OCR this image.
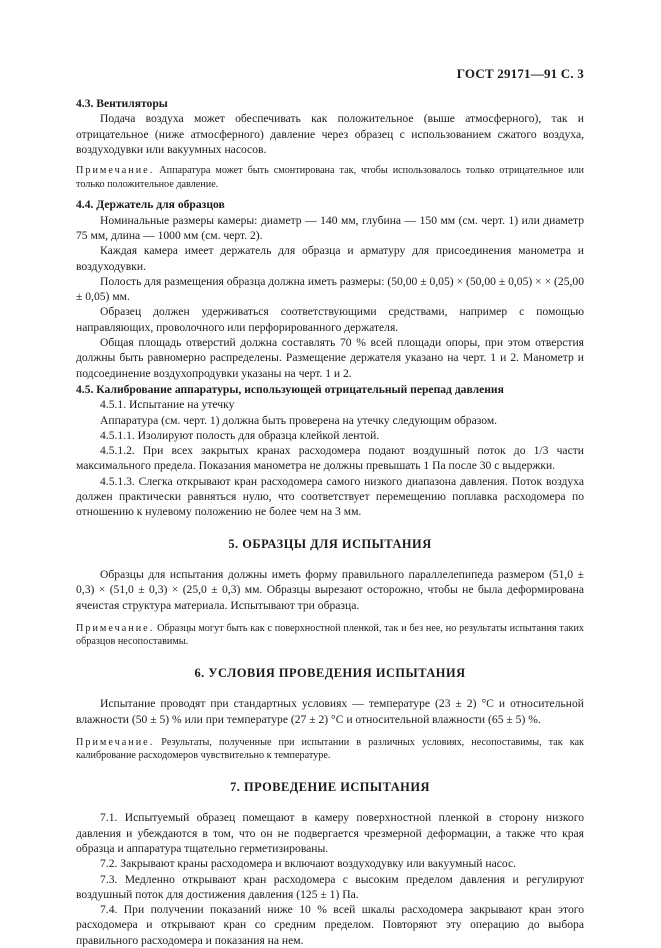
ГОСТ 29171—91 С. 3

4.3. Вентиляторы

Подача воздуха может обеспечивать как положительное (выше атмосферного), так и отрицательное (ниже атмосферного) давление через образец с использованием сжатого воздуха, воздуходувки или вакуумных насосов.

Примечание. Аппаратура может быть смонтирована так, чтобы использовалось только отрицательное или только положительное давление.

4.4. Держатель для образцов

Номинальные размеры камеры: диаметр — 140 мм, глубина — 150 мм (см. черт. 1) или диаметр 75 мм, длина — 1000 мм (см. черт. 2).

Каждая камера имеет держатель для образца и арматуру для присоединения манометра и воздуходувки.

Полость для размещения образца должна иметь размеры: (50,00 ± 0,05) × (50,00 ± 0,05) × × (25,00 ± 0,05) мм.

Образец должен удерживаться соответствующими средствами, например с помощью направляющих, проволочного или перфорированного держателя.

Общая площадь отверстий должна составлять 70 % всей площади опоры, при этом отверстия должны быть равномерно распределены. Размещение держателя указано на черт. 1 и 2. Манометр и подсоединение воздухопродувки указаны на черт. 1 и 2.

4.5. Калибрование аппаратуры, использующей отрицательный перепад давления

4.5.1. Испытание на утечку

Аппаратура (см. черт. 1) должна быть проверена на утечку следующим образом.

4.5.1.1. Изолируют полость для образца клейкой лентой.

4.5.1.2. При всех закрытых кранах расходомера подают воздушный поток до 1/3 части максимального предела. Показания манометра не должны превышать 1 Па после 30 с выдержки.

4.5.1.3. Слегка открывают кран расходомера самого низкого диапазона давления. Поток воздуха должен практически равняться нулю, что соответствует перемещению поплавка расходомера по отношению к нулевому положению не более чем на 3 мм.

5. ОБРАЗЦЫ ДЛЯ ИСПЫТАНИЯ

Образцы для испытания должны иметь форму правильного параллелепипеда размером (51,0 ± 0,3) × (51,0 ± 0,3) × (25,0 ± 0,3) мм. Образцы вырезают осторожно, чтобы не была деформирована ячеистая структура материала. Испытывают три образца.

Примечание. Образцы могут быть как с поверхностной пленкой, так и без нее, но результаты испытания таких образцов несопоставимы.

6. УСЛОВИЯ ПРОВЕДЕНИЯ ИСПЫТАНИЯ

Испытание проводят при стандартных условиях — температуре (23 ± 2) °С и относительной влажности (50 ± 5) % или при температуре (27 ± 2) °С и относительной влажности (65 ± 5) %.

Примечание. Результаты, полученные при испытании в различных условиях, несопоставимы, так как калибрование расходомеров чувствительно к температуре.

7. ПРОВЕДЕНИЕ ИСПЫТАНИЯ

7.1. Испытуемый образец помещают в камеру поверхностной пленкой в сторону низкого давления и убеждаются в том, что он не подвергается чрезмерной деформации, а также что края образца и аппаратура тщательно герметизированы.

7.2. Закрывают краны расходомера и включают воздуходувку или вакуумный насос.

7.3. Медленно открывают кран расходомера с высоким пределом давления и регулируют воздушный поток для достижения давления (125 ± 1) Па.

7.4. При получении показаний ниже 10 % всей шкалы расходомера закрывают кран этого расходомера и открывают кран со средним пределом. Повторяют эту операцию до выбора правильного расходомера и показания на нем.
